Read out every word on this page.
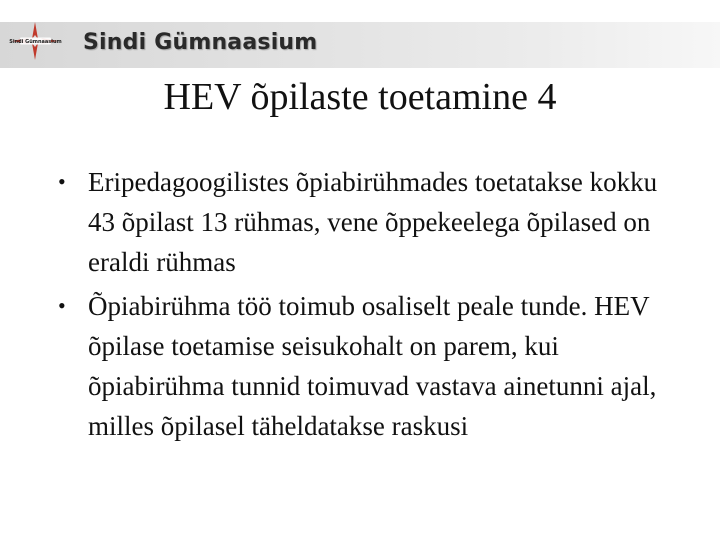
Sindi Gümnaasium Sindi Gümnaasium
HEV õpilaste toetamine 4
• Eripedagoogilistes õpiabirühmades toetatakse kokku 43 õpilast 13 rühmas, vene õppekeelega õpilased on eraldi rühmas
• Õpiabirühma töö toimub osaliselt peale tunde. HEV õpilase toetamise seisukohalt on parem, kui õpiabirühma tunnid toimuvad vastava ainetunni ajal, milles õpilasel täheldatakse raskusi
